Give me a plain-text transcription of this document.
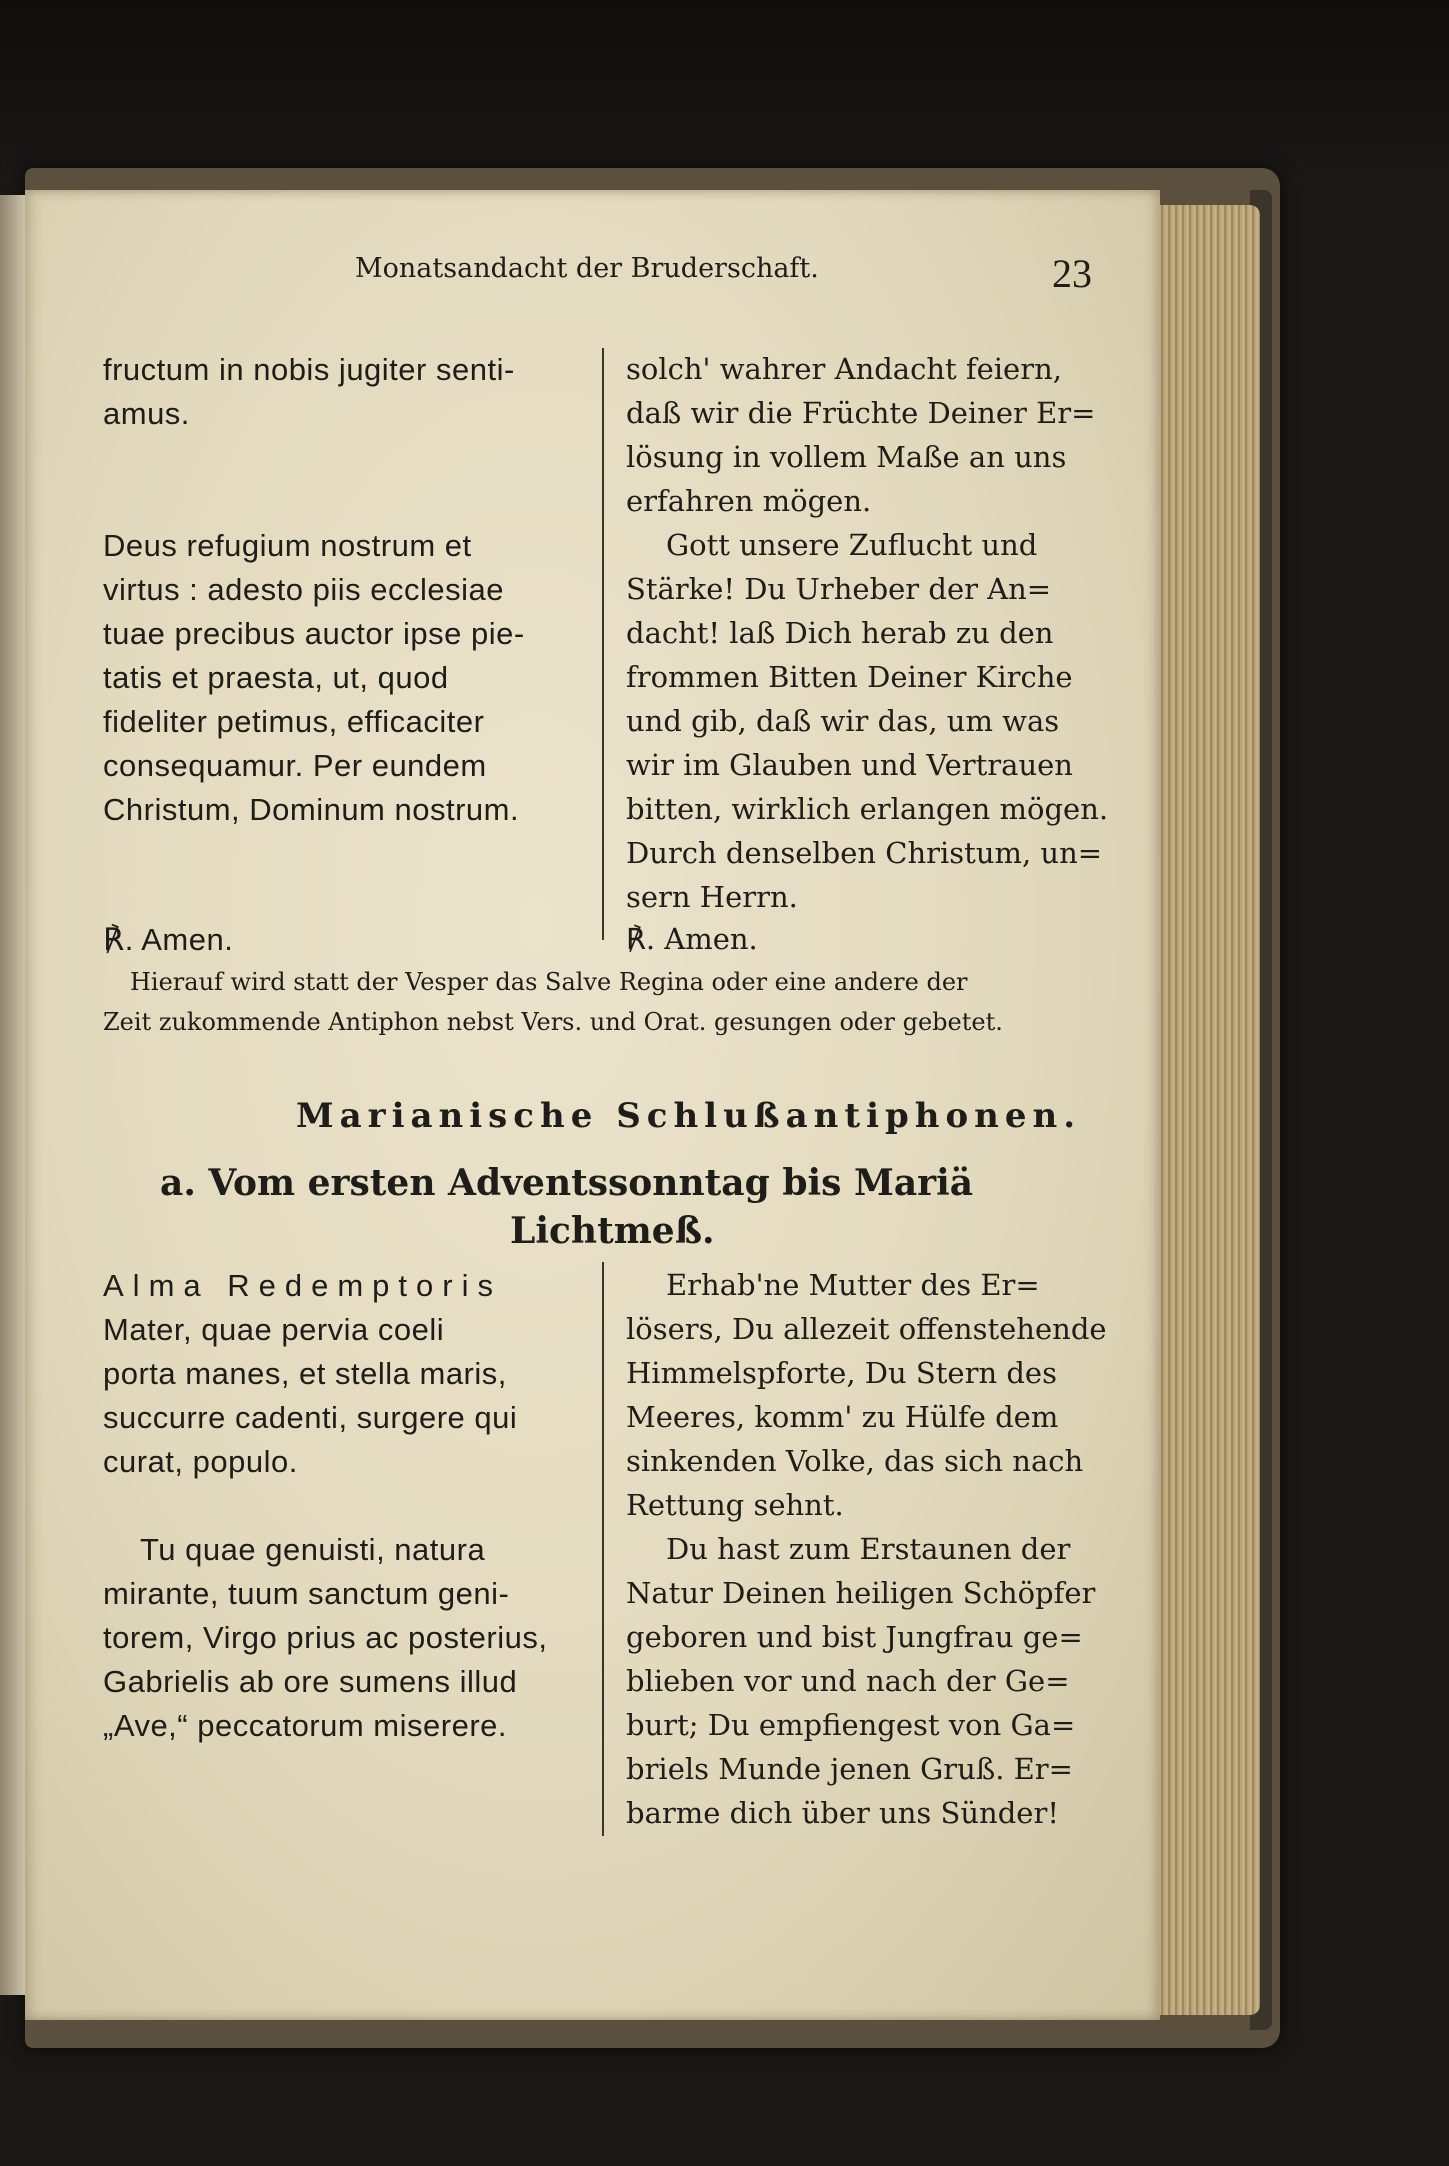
Monatsandacht der Bruderschaft.	23
fructum in nobis jugiter senti-
amus.
Deus refugium nostrum et
virtus : adesto piis ecclesiae
tuae precibus auctor ipse pie-
tatis et praesta, ut, quod
fideliter petimus, efficaciter
consequamur. Per eundem
Christum, Dominum nostrum.
℟. Amen.
solch' wahrer Andacht feiern,
daß wir die Früchte Deiner Er=
lösung in vollem Maße an uns
erfahren mögen.
Gott unsere Zuflucht und
Stärke! Du Urheber der An=
dacht! laß Dich herab zu den
frommen Bitten Deiner Kirche
und gib, daß wir das, um was
wir im Glauben und Vertrauen
bitten, wirklich erlangen mögen.
Durch denselben Christum, un=
sern Herrn.
℟. Amen.
Hierauf wird statt der Vesper das Salve Regina oder eine andere der
Zeit zukommende Antiphon nebst Vers. und Orat. gesungen oder gebetet.
Marianische Schlußantiphonen.
a. Vom ersten Adventssonntag bis Mariä
Lichtmeß.
Alma Redemptoris
Mater, quae pervia coeli
porta manes, et stella maris,
succurre cadenti, surgere qui
curat, populo.
Tu quae genuisti, natura
mirante, tuum sanctum geni-
torem, Virgo prius ac posterius,
Gabrielis ab ore sumens illud
„Ave,“ peccatorum miserere.
Erhab'ne Mutter des Er=
lösers, Du allezeit offenstehende
Himmelspforte, Du Stern des
Meeres, komm' zu Hülfe dem
sinkenden Volke, das sich nach
Rettung sehnt.
Du hast zum Erstaunen der
Natur Deinen heiligen Schöpfer
geboren und bist Jungfrau ge=
blieben vor und nach der Ge=
burt; Du empfiengest von Ga=
briels Munde jenen Gruß. Er=
barme dich über uns Sünder!
